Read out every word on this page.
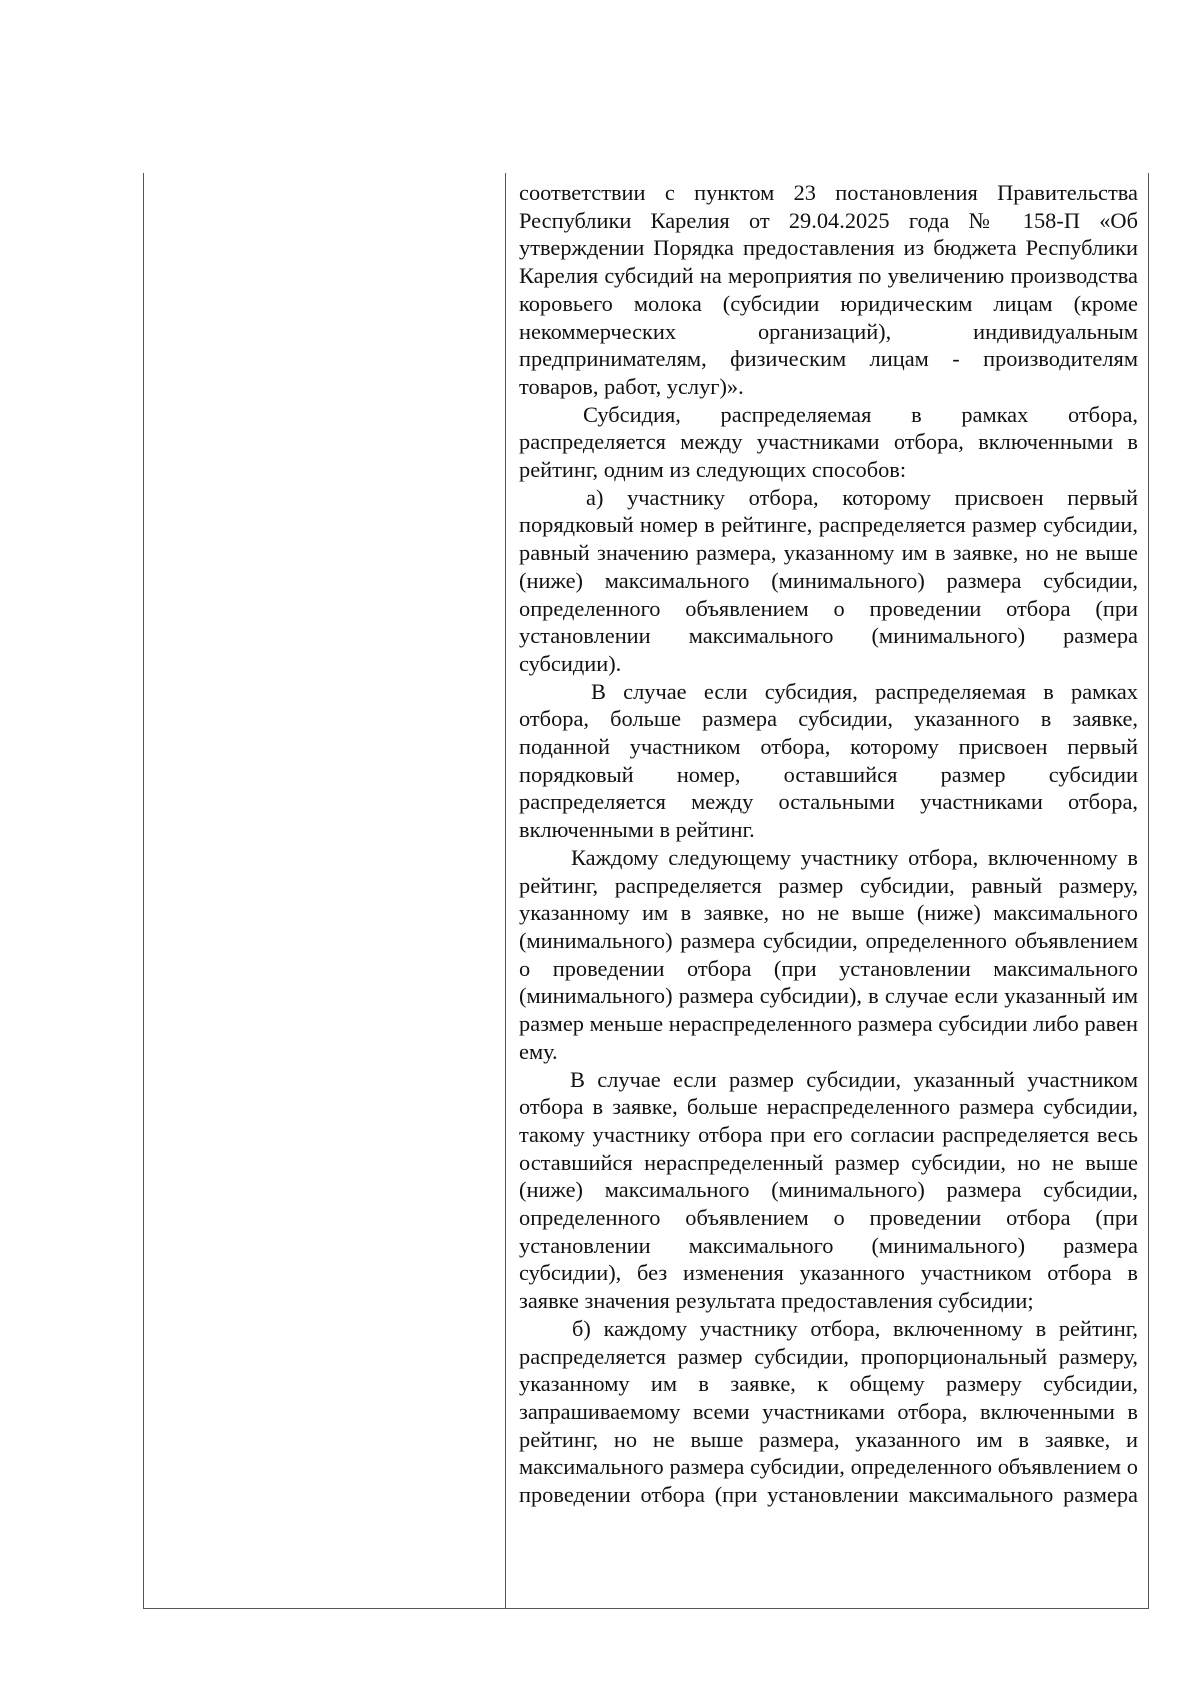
соответствии с пунктом 23 постановления Правительства Республики Карелия от 29.04.2025 года № 158-П «Об утверждении Порядка предоставления из бюджета Республики Карелия субсидий на мероприятия по увеличению производства коровьего молока (субсидии юридическим лицам (кроме некоммерческих организаций), индивидуальным предпринимателям, физическим лицам - производителям товаров, работ, услуг)».

Субсидия, распределяемая в рамках отбора, распределяется между участниками отбора, включенными в рейтинг, одним из следующих способов:

а) участнику отбора, которому присвоен первый порядковый номер в рейтинге, распределяется размер субсидии, равный значению размера, указанному им в заявке, но не выше (ниже) максимального (минимального) размера субсидии, определенного объявлением о проведении отбора (при установлении максимального (минимального) размера субсидии).

В случае если субсидия, распределяемая в рамках отбора, больше размера субсидии, указанного в заявке, поданной участником отбора, которому присвоен первый порядковый номер, оставшийся размер субсидии распределяется между остальными участниками отбора, включенными в рейтинг.

Каждому следующему участнику отбора, включенному в рейтинг, распределяется размер субсидии, равный размеру, указанному им в заявке, но не выше (ниже) максимального (минимального) размера субсидии, определенного объявлением о проведении отбора (при установлении максимального (минимального) размера субсидии), в случае если указанный им размер меньше нераспределенного размера субсидии либо равен ему.

В случае если размер субсидии, указанный участником отбора в заявке, больше нераспределенного размера субсидии, такому участнику отбора при его согласии распределяется весь оставшийся нераспределенный размер субсидии, но не выше (ниже) максимального (минимального) размера субсидии, определенного объявлением о проведении отбора (при установлении максимального (минимального) размера субсидии), без изменения указанного участником отбора в заявке значения результата предоставления субсидии;

б) каждому участнику отбора, включенному в рейтинг, распределяется размер субсидии, пропорциональный размеру, указанному им в заявке, к общему размеру субсидии, запрашиваемому всеми участниками отбора, включенными в рейтинг, но не выше размера, указанного им в заявке, и максимального размера субсидии, определенного объявлением о проведении отбора (при установлении максимального размера
